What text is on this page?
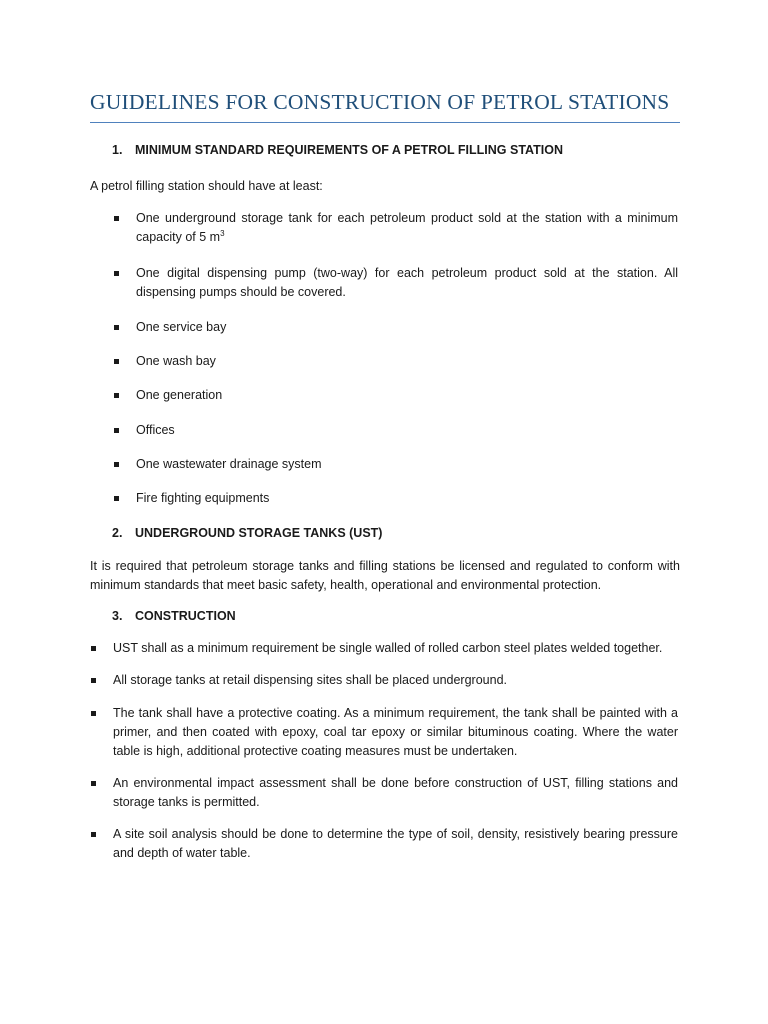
GUIDELINES FOR CONSTRUCTION OF PETROL STATIONS
1. MINIMUM STANDARD REQUIREMENTS OF A PETROL FILLING STATION
A petrol filling station should have at least:
One underground storage tank for each petroleum product sold at the station with a minimum capacity of 5 $m^3$
One digital dispensing pump (two-way) for each petroleum product sold at the station. All dispensing pumps should be covered.
One service bay
One wash bay
One generation
Offices
One wastewater drainage system
Fire fighting equipments
2. UNDERGROUND STORAGE TANKS (UST)
It is required that petroleum storage tanks and filling stations be licensed and regulated to conform with minimum standards that meet basic safety, health, operational and environmental protection.
3. CONSTRUCTION
UST shall as a minimum requirement be single walled of rolled carbon steel plates welded together.
All storage tanks at retail dispensing sites shall be placed underground.
The tank shall have a protective coating. As a minimum requirement, the tank shall be painted with a primer, and then coated with epoxy, coal tar epoxy or similar bituminous coating. Where the water table is high, additional protective coating measures must be undertaken.
An environmental impact assessment shall be done before construction of UST, filling stations and storage tanks is permitted.
A site soil analysis should be done to determine the type of soil, density, resistively bearing pressure and depth of water table.
